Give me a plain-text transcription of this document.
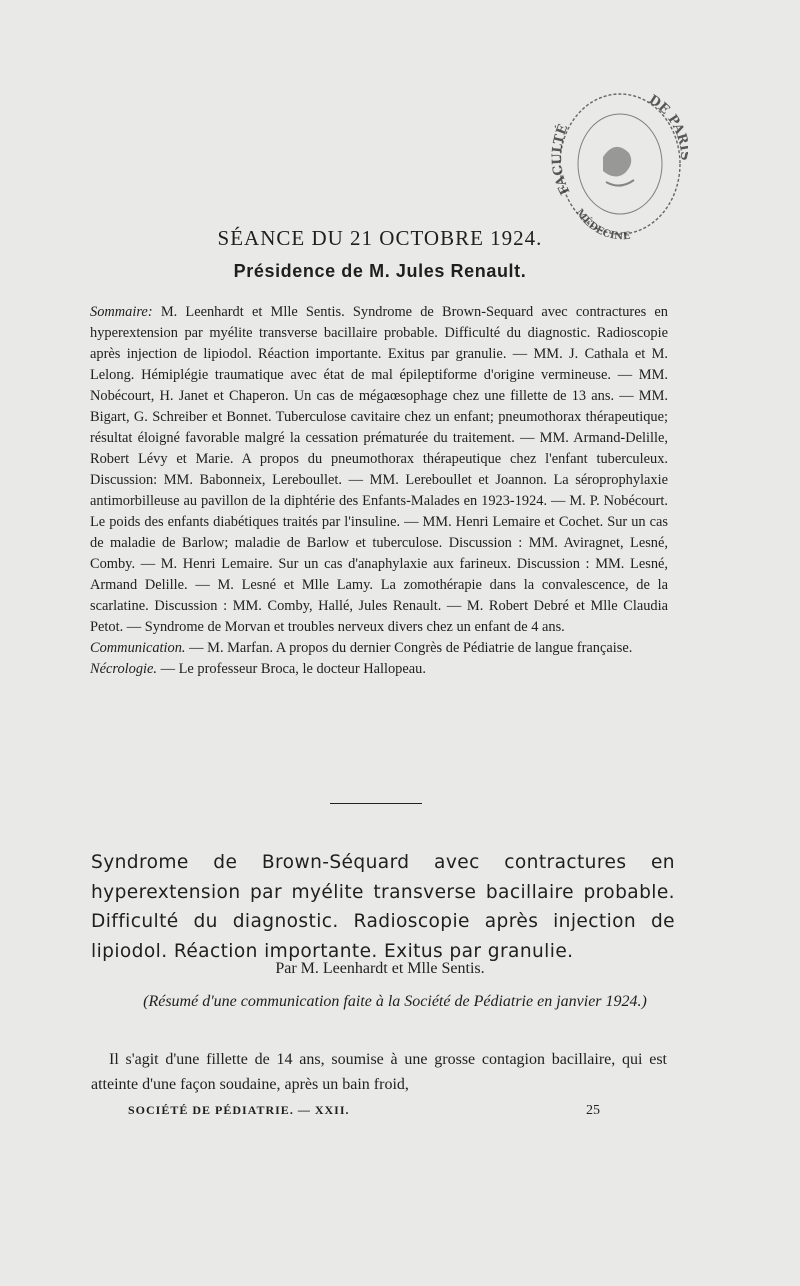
FACULTÉ
DE PA
MÉDECINE
SÉANCE DU 21 OCTOBRE 1924.
Présidence de M. Jules Renault.

Sommaire: M. Leenhardt et Mlle Sentis. Syndrome de Brown-Sequard avec contractures en hyperextension par myélite transverse bacillaire probable. Difficulté du diagnostic. Radioscopie après injection de lipiodol. Réaction importante. Exitus par granulie. — MM. J. Cathala et M. Lelong. Hémiplégie traumatique avec état de mal épileptiforme d'origine vermineuse. — MM. Nobécourt, H. Janet et Chaperon. Un cas de mégaœsophage chez une fillette de 13 ans. — MM. Bigart, G. Schreiber et Bonnet. Tuberculose cavitaire chez un enfant; pneumothorax thérapeutique; résultat éloigné favorable malgré la cessation prématurée du traitement. — MM. Armand-Delille, Robert Lévy et Marie. A propos du pneumothorax thérapeutique chez l'enfant tuberculeux. Discussion: MM. Babonneix, Lereboullet. — MM. Lereboullet et Joannon. La séroprophylaxie antimorbilleuse au pavillon de la diphtérie des Enfants-Malades en 1923-1924. — M. P. Nobécourt. Le poids des enfants diabétiques traités par l'insuline. — MM. Henri Lemaire et Cochet. Sur un cas de maladie de Barlow; maladie de Barlow et tuberculose. Discussion : MM. Aviragnet, Lesné, Comby. — M. Henri Lemaire. Sur un cas d'anaphylaxie aux farineux. Discussion : MM. Lesné, Armand Delille. — M. Lesné et Mlle Lamy. La zomothérapie dans la convalescence, de la scarlatine. Discussion : MM. Comby, Hallé, Jules Renault. — M. Robert Debré et Mlle Claudia Petot. — Syndrome de Morvan et troubles nerveux divers chez un enfant de 4 ans.

Communication. — M. Marfan. A propos du dernier Congrès de Pédiatrie de langue française.

Nécrologie. — Le professeur Broca, le docteur Hallopeau.

Syndrome de Brown-Séquard avec contractures en hyperextension par myélite transverse bacillaire probable. Difficulté du diagnostic. Radioscopie après injection de lipiodol. Réaction importante. Exitus par granulie.

Par M. Leenhardt et Mlle Sentis.

(Résumé d'une communication faite à la Société de Pédiatrie en janvier 1924.)

Il s'agit d'une fillette de 14 ans, soumise à une grosse contagion bacillaire, qui est atteinte d'une façon soudaine, après un bain froid,

SOCIÉTÉ DE PÉDIATRIE. — XXII.	25
